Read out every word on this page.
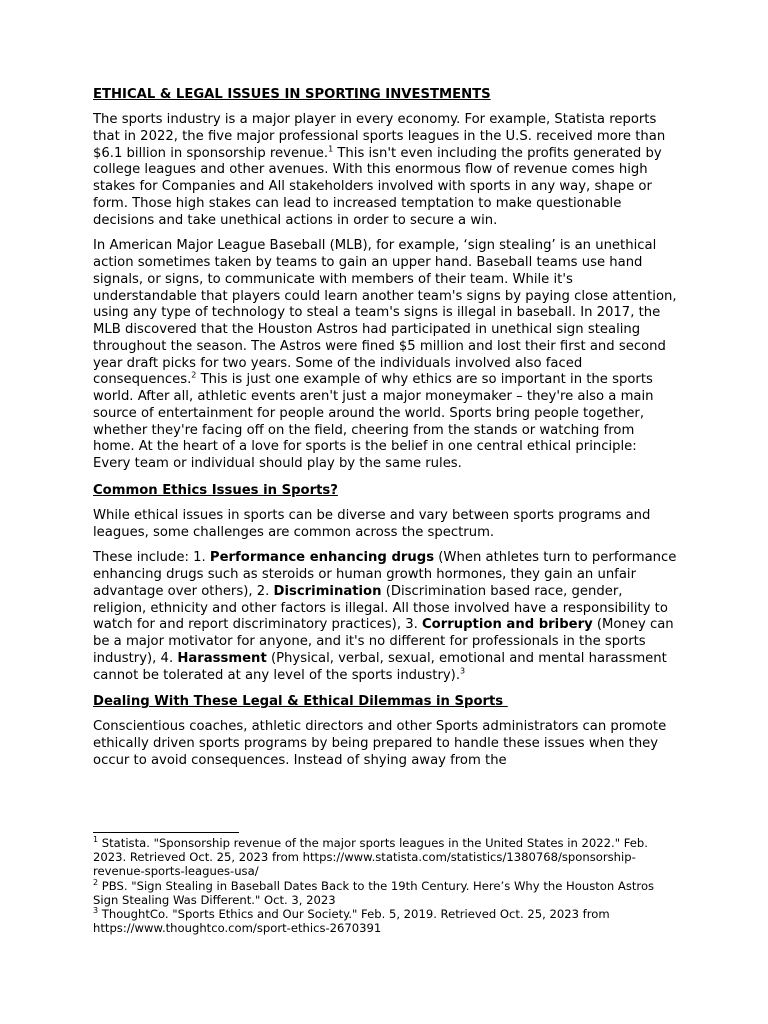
ETHICAL & LEGAL ISSUES IN SPORTING INVESTMENTS

The sports industry is a major player in every economy. For example, Statista reports that in 2022, the five major professional sports leagues in the U.S. received more than $6.1 billion in sponsorship revenue.$^1$ This isn't even including the profits generated by college leagues and other avenues. With this enormous flow of revenue comes high stakes for Companies and All stakeholders involved with sports in any way, shape or form. Those high stakes can lead to increased temptation to make questionable decisions and take unethical actions in order to secure a win.

In American Major League Baseball (MLB), for example, ‘sign stealing’ is an unethical action sometimes taken by teams to gain an upper hand. Baseball teams use hand signals, or signs, to communicate with members of their team. While it's understandable that players could learn another team's signs by paying close attention, using any type of technology to steal a team's signs is illegal in baseball. In 2017, the MLB discovered that the Houston Astros had participated in unethical sign stealing throughout the season. The Astros were fined $5 million and lost their first and second year draft picks for two years. Some of the individuals involved also faced consequences.$^2$ This is just one example of why ethics are so important in the sports world. After all, athletic events aren't just a major moneymaker – they're also a main source of entertainment for people around the world. Sports bring people together, whether they're facing off on the field, cheering from the stands or watching from home. At the heart of a love for sports is the belief in one central ethical principle: Every team or individual should play by the same rules.

Common Ethics Issues in Sports?

While ethical issues in sports can be diverse and vary between sports programs and leagues, some challenges are common across the spectrum.

These include: 1. Performance enhancing drugs (When athletes turn to performance enhancing drugs such as steroids or human growth hormones, they gain an unfair advantage over others), 2. Discrimination (Discrimination based race, gender, religion, ethnicity and other factors is illegal. All those involved have a responsibility to watch for and report discriminatory practices), 3. Corruption and bribery (Money can be a major motivator for anyone, and it's no different for professionals in the sports industry), 4. Harassment (Physical, verbal, sexual, emotional and mental harassment cannot be tolerated at any level of the sports industry).$^3$

Dealing With These Legal & Ethical Dilemmas in Sports

Conscientious coaches, athletic directors and other Sports administrators can promote ethically driven sports programs by being prepared to handle these issues when they occur to avoid consequences. Instead of shying away from the

$^1$ Statista. "Sponsorship revenue of the major sports leagues in the United States in 2022." Feb. 2023. Retrieved Oct. 25, 2023 from https://www.statista.com/statistics/1380768/sponsorship-revenue-sports-leagues-usa/
$^2$ PBS. "Sign Stealing in Baseball Dates Back to the 19th Century. Here’s Why the Houston Astros Sign Stealing Was Different." Oct. 3, 2023
$^3$ ThoughtCo. "Sports Ethics and Our Society." Feb. 5, 2019. Retrieved Oct. 25, 2023 from https://www.thoughtco.com/sport-ethics-2670391
